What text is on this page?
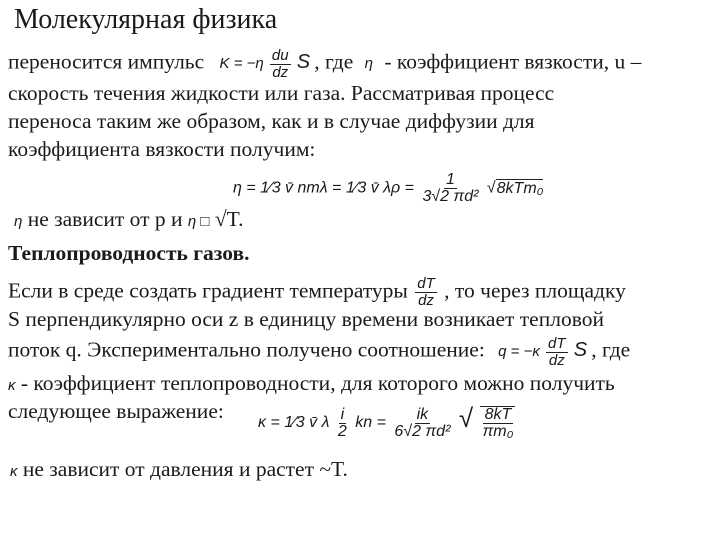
Молекулярная физика
переносится импульс $K = -\eta \frac{du}{dz}$ S , где η - коэффициент вязкости, u –
скорость течения жидкости или газа. Рассматривая процесс
переноса таким же образом, как и в случае диффузии для
коэффициента вязкости получим:
η = 1⁄3 v̄ nmλ = 1⁄3 v̄ $\lambda\rho = \frac{1}{\text{3√2 πd²}} √8kTm_0$
η не зависит от p и η □ √T.
Теплопроводность газов.
Если в среде создать градиент температуры $\frac{dT}{dz}$ , то через площадку
S перпендикулярно оси z в единицу времени возникает тепловой
поток q. Экспериментально получено соотношение: $q = -\kappa \frac{dT}{dz}$ S , где
κ - коэффициент теплопроводности, для которого можно получить
следующее выражение: κ = 1⁄3 v̄ λ $\frac{i}{2}$ kn = $\frac{ik}{\text{6√2 πd²}}$ √ $\frac{8kT}{\text{πm₀}}$
κ не зависит от давления и растет ~T.
